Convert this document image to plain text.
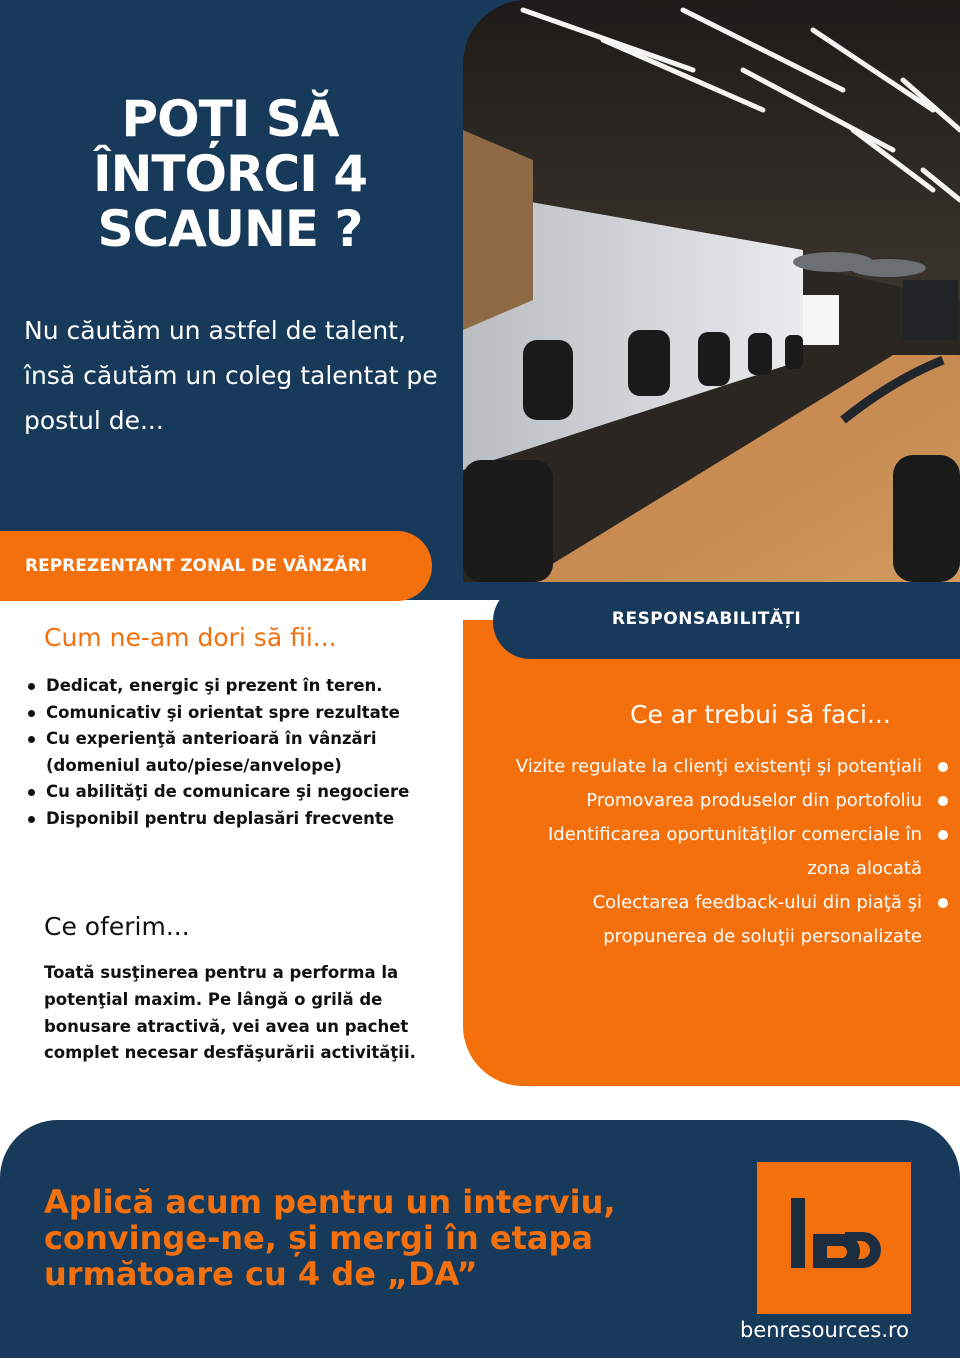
POȚI SĂ
ÎNTORCI 4
SCAUNE ?
Nu căutăm un astfel de talent, însă căutăm un coleg talentat pe postul de...
REPREZENTANT ZONAL DE VÂNZĂRI
RESPONSABILITĂȚI
Cum ne-am dori să fii...
Dedicat, energic şi prezent în teren.
Comunicativ şi orientat spre rezultate
Cu experienţă anterioară în vânzări
(domeniul auto/piese/anvelope)
Cu abilităţi de comunicare şi negociere
Disponibil pentru deplasări frecvente
Ce oferim...
Toată susţinerea pentru a performa la potenţial maxim. Pe lângă o grilă de bonusare atractivă, vei avea un pachet complet necesar desfăşurării activităţii.
Ce ar trebui să faci...
Vizite regulate la clienţi existenţi şi potenţiali
Promovarea produselor din portofoliu
Identificarea oportunităţilor comerciale în zona alocată
Colectarea feedback-ului din piaţă şi propunerea de soluţii personalizate
Aplică acum pentru un interviu, convinge-ne, și mergi în etapa următoare cu 4 de „DA”
benresources.ro
